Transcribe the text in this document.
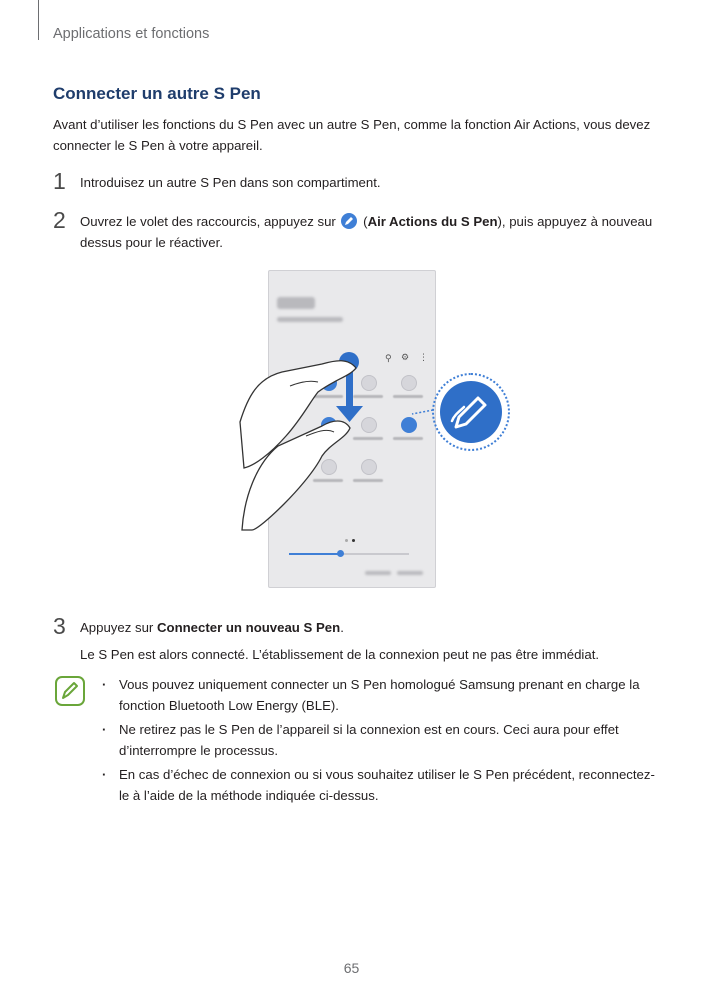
Applications et fonctions
Connecter un autre S Pen

Avant d’utiliser les fonctions du S Pen avec un autre S Pen, comme la fonction Air Actions, vous devez connecter le S Pen à votre appareil.

1 Introduisez un autre S Pen dans son compartiment.

2 Ouvrez le volet des raccourcis, appuyez sur (Air Actions du S Pen), puis appuyez à nouveau dessus pour le réactiver.

⚲ ⚙ ⋮
3 Appuyez sur Connecter un nouveau S Pen.

Le S Pen est alors connecté. L’établissement de la connexion peut ne pas être immédiat.

· Vous pouvez uniquement connecter un S Pen homologué Samsung prenant en charge la fonction Bluetooth Low Energy (BLE).
· Ne retirez pas le S Pen de l’appareil si la connexion est en cours. Ceci aura pour effet d’interrompre le processus.
· En cas d’échec de connexion ou si vous souhaitez utiliser le S Pen précédent, reconnectez-le à l’aide de la méthode indiquée ci-dessus.
65
